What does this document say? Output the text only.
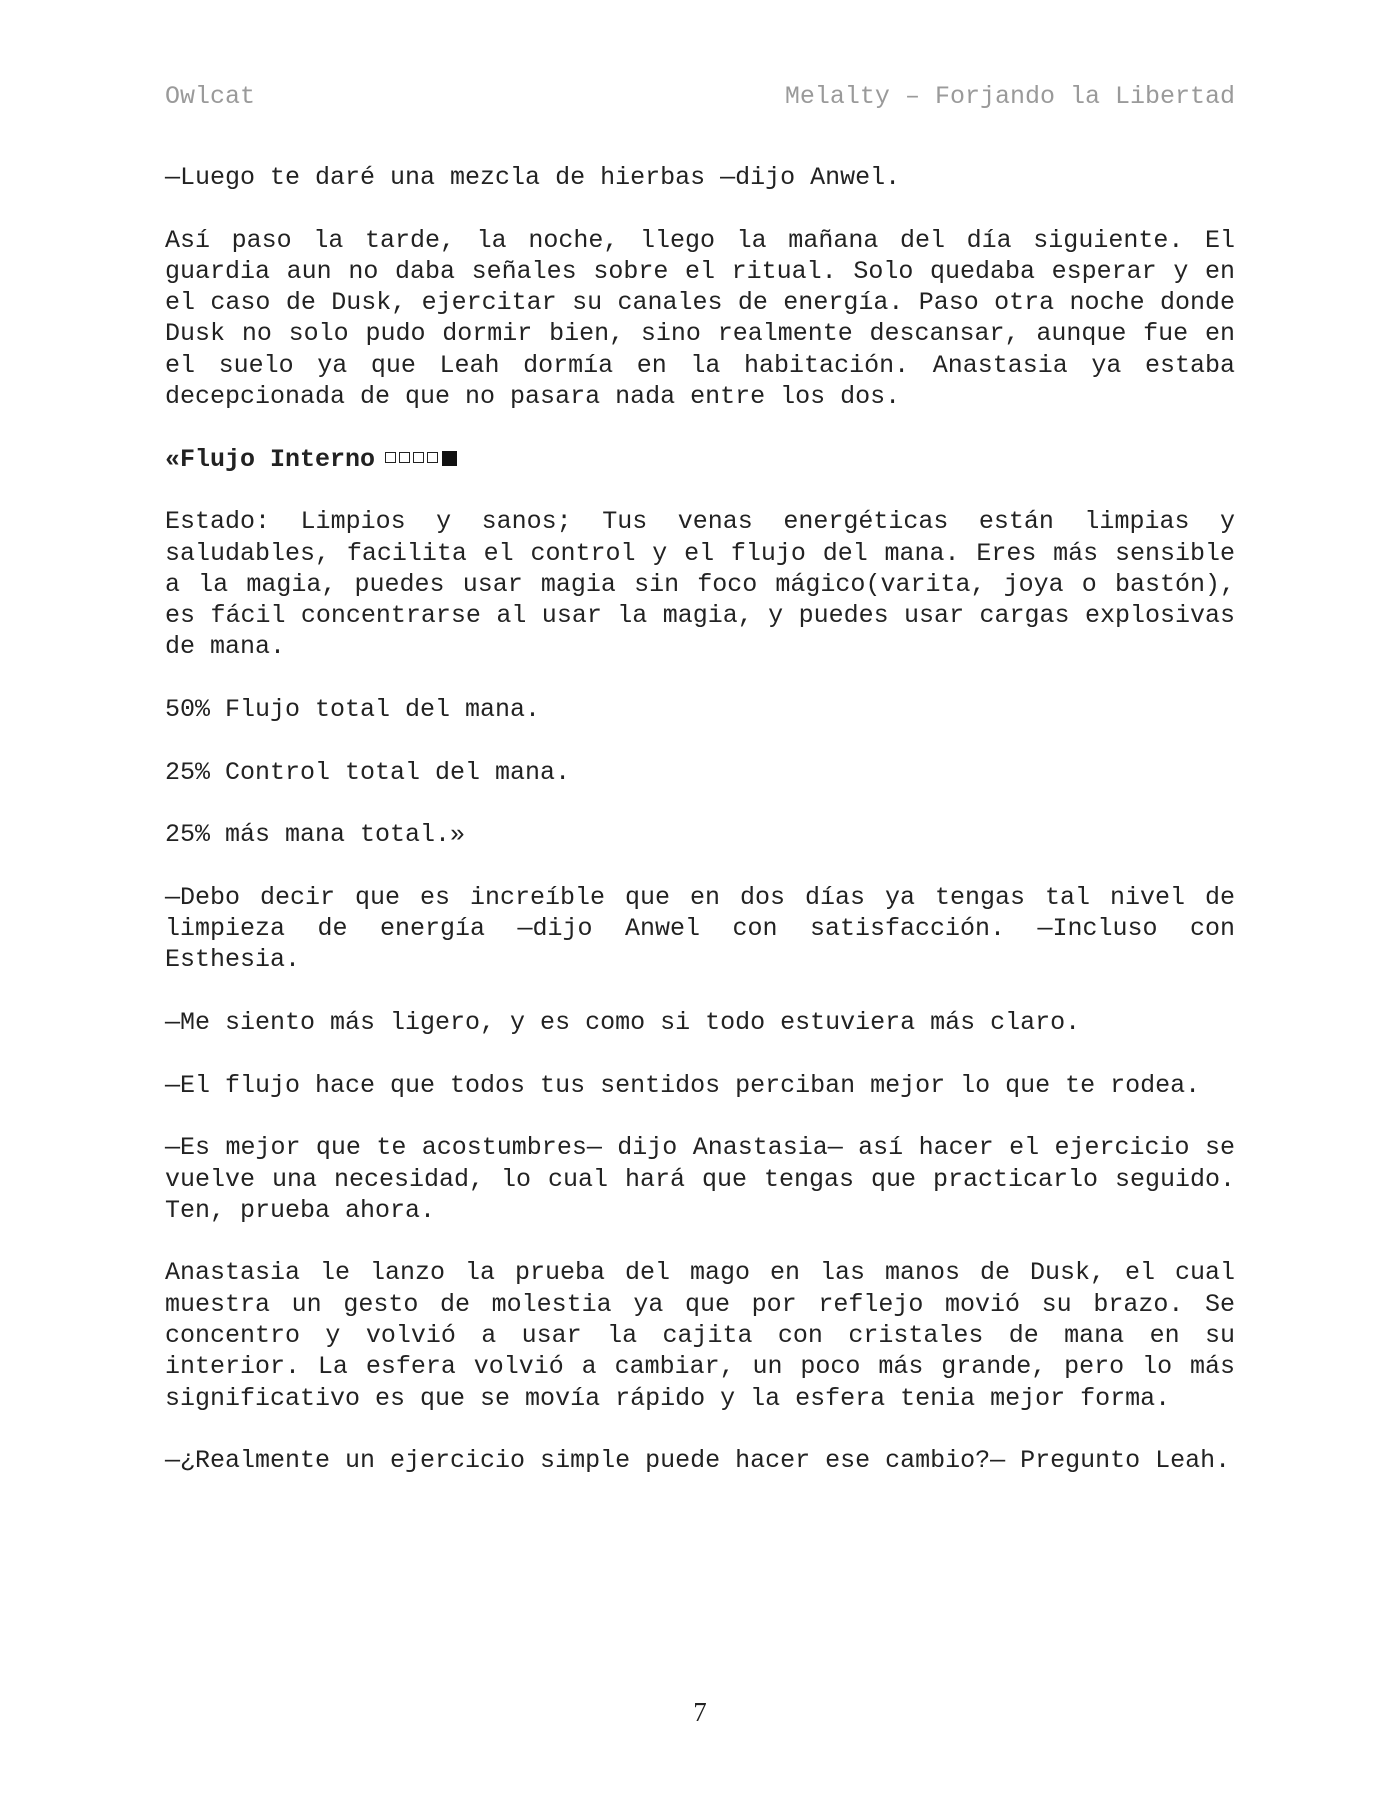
Owlcat	Melalty – Forjando la Libertad

—Luego te daré una mezcla de hierbas —dijo Anwel.

Así paso la tarde, la noche, llego la mañana del día siguiente. El guardia aun no daba señales sobre el ritual. Solo quedaba esperar y en el caso de Dusk, ejercitar su canales de energía. Paso otra noche donde Dusk no solo pudo dormir bien, sino realmente descansar, aunque fue en el suelo ya que Leah dormía en la habitación. Anastasia ya estaba decepcionada de que no pasara nada entre los dos.

«Flujo Interno

Estado: Limpios y sanos; Tus venas energéticas están limpias y saludables, facilita el control y el flujo del mana. Eres más sensible a la magia, puedes usar magia sin foco mágico(varita, joya o bastón), es fácil concentrarse al usar la magia, y puedes usar cargas explosivas de mana.

50% Flujo total del mana.

25% Control total del mana.

25% más mana total.»

—Debo decir que es increíble que en dos días ya tengas tal nivel de limpieza de energía —dijo Anwel con satisfacción. —Incluso con Esthesia.

—Me siento más ligero, y es como si todo estuviera más claro.

—El flujo hace que todos tus sentidos perciban mejor lo que te rodea.

—Es mejor que te acostumbres— dijo Anastasia— así hacer el ejercicio se vuelve una necesidad, lo cual hará que tengas que practicarlo seguido. Ten, prueba ahora.

Anastasia le lanzo la prueba del mago en las manos de Dusk, el cual muestra un gesto de molestia ya que por reflejo movió su brazo. Se concentro y volvió a usar la cajita con cristales de mana en su interior. La esfera volvió a cambiar, un poco más grande, pero lo más significativo es que se movía rápido y la esfera tenia mejor forma.

—¿Realmente un ejercicio simple puede hacer ese cambio?— Pregunto Leah.

7
